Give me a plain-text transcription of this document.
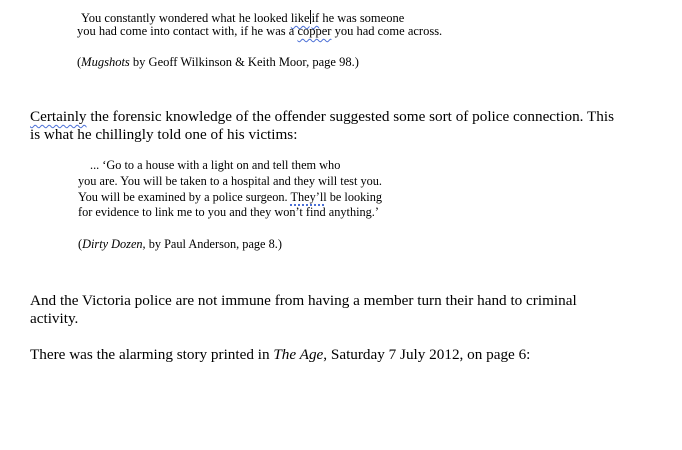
You constantly wondered what he looked like if he was someone
you had come into contact with, if he was a copper you had come across.
(Mugshots by Geoff Wilkinson & Keith Moor, page 98.)
Certainly the forensic knowledge of the offender suggested some sort of police connection. This
is what he chillingly told one of his victims:
... ‘Go to a house with a light on and tell them who
you are. You will be taken to a hospital and they will test you.
You will be examined by a police surgeon. They’ll be looking
for evidence to link me to you and they won’t find anything.’
(Dirty Dozen, by Paul Anderson, page 8.)
And the Victoria police are not immune from having a member turn their hand to criminal
activity.
There was the alarming story printed in The Age, Saturday 7 July 2012, on page 6:
